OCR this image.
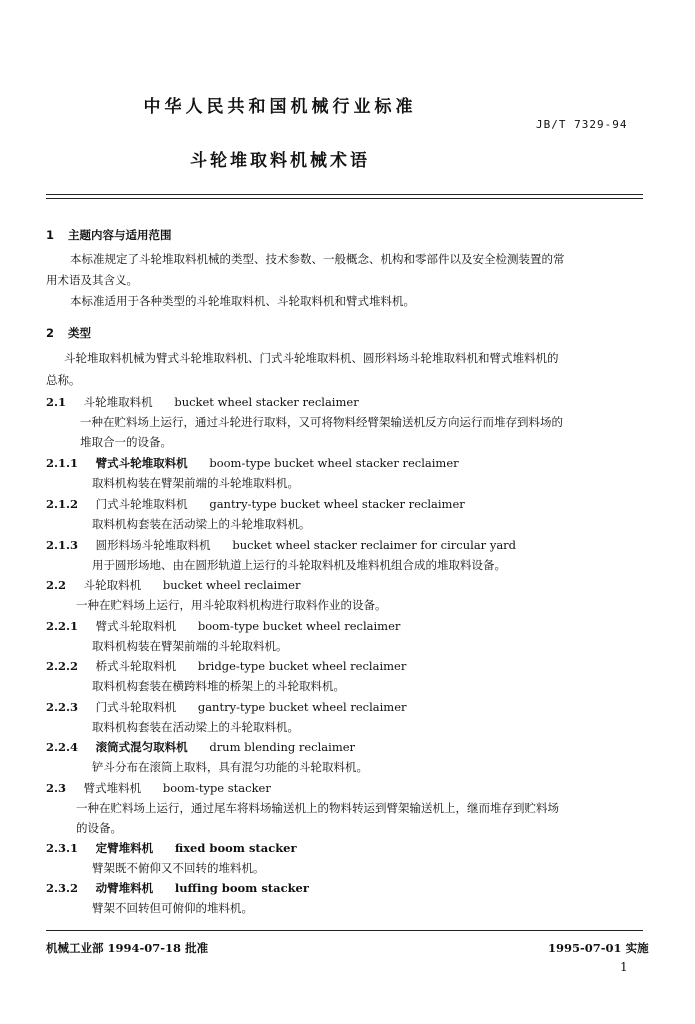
中华人民共和国机械行业标准
JB/T 7329-94
斗轮堆取料机械术语
1 主题内容与适用范围
本标准规定了斗轮堆取料机械的类型、技术参数、一般概念、机构和零部件以及安全检测装置的常
用术语及其含义。
本标准适用于各种类型的斗轮堆取料机、斗轮取料机和臂式堆料机。
2 类型
斗轮堆取料机械为臂式斗轮堆取料机、门式斗轮堆取料机、圆形料场斗轮堆取料机和臂式堆料机的
总称。
2.1 斗轮堆取料机 bucket wheel stacker reclaimer
一种在贮料场上运行，通过斗轮进行取料，又可将物料经臂架输送机反方向运行而堆存到料场的
堆取合一的设备。
2.1.1 臂式斗轮堆取料机 boom-type bucket wheel stacker reclaimer
取料机构装在臂架前端的斗轮堆取料机。
2.1.2 门式斗轮堆取料机 gantry-type bucket wheel stacker reclaimer
取料机构套装在活动梁上的斗轮堆取料机。
2.1.3 圆形料场斗轮堆取料机 bucket wheel stacker reclaimer for circular yard
用于圆形场地、由在圆形轨道上运行的斗轮取料机及堆料机组合成的堆取料设备。
2.2 斗轮取料机 bucket wheel reclaimer
一种在贮料场上运行，用斗轮取料机构进行取料作业的设备。
2.2.1 臂式斗轮取料机 boom-type bucket wheel reclaimer
取料机构装在臂架前端的斗轮取料机。
2.2.2 桥式斗轮取料机 bridge-type bucket wheel reclaimer
取料机构套装在横跨料堆的桥架上的斗轮取料机。
2.2.3 门式斗轮取料机 gantry-type bucket wheel reclaimer
取料机构套装在活动梁上的斗轮取料机。
2.2.4 滚筒式混匀取料机 drum blending reclaimer
铲斗分布在滚筒上取料，具有混匀功能的斗轮取料机。
2.3 臂式堆料机 boom-type stacker
一种在贮料场上运行，通过尾车将料场输送机上的物料转运到臂架输送机上，继而堆存到贮料场
的设备。
2.3.1 定臂堆料机 fixed boom stacker
臂架既不俯仰又不回转的堆料机。
2.3.2 动臂堆料机 luffing boom stacker
臂架不回转但可俯仰的堆料机。
机械工业部 1994-07-18 批准	1995-07-01 实施
1
